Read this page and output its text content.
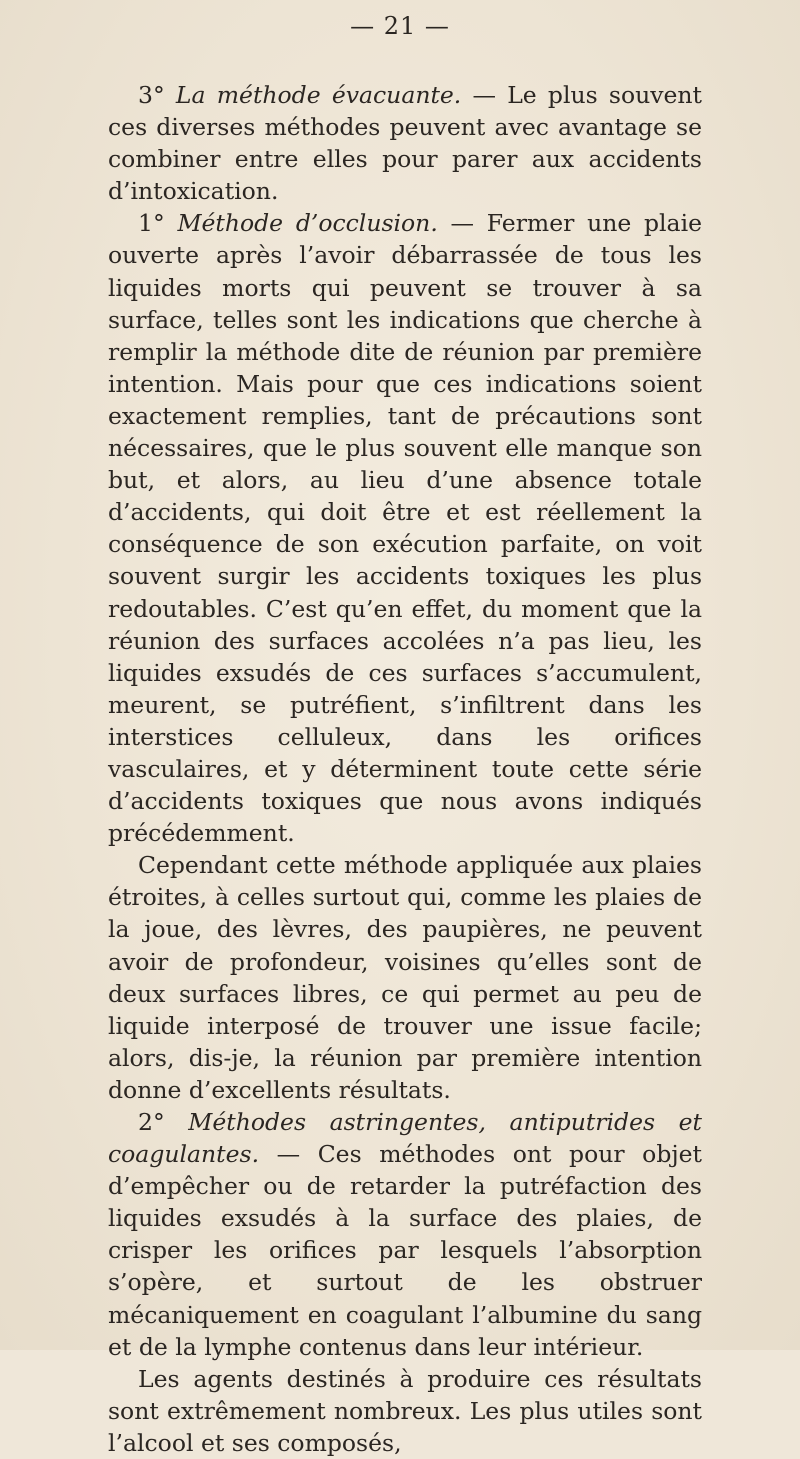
— 21 —

3° La méthode évacuante. — Le plus souvent ces diverses méthodes peuvent avec avantage se combiner entre elles pour parer aux accidents d’intoxication.

1° Méthode d’occlusion. — Fermer une plaie ouverte après l’avoir débarrassée de tous les liquides morts qui peuvent se trouver à sa surface, telles sont les indications que cherche à remplir la méthode dite de réunion par première intention. Mais pour que ces indications soient exactement remplies, tant de précautions sont nécessaires, que le plus souvent elle manque son but, et alors, au lieu d’une absence totale d’accidents, qui doit être et est réellement la conséquence de son exécution parfaite, on voit souvent surgir les accidents toxiques les plus redoutables. C’est qu’en effet, du moment que la réunion des surfaces accolées n’a pas lieu, les liquides exsudés de ces surfaces s’accumulent, meurent, se putréfient, s’infiltrent dans les interstices celluleux, dans les orifices vasculaires, et y déterminent toute cette série d’accidents toxiques que nous avons indiqués précédemment.

Cependant cette méthode appliquée aux plaies étroites, à celles surtout qui, comme les plaies de la joue, des lèvres, des paupières, ne peuvent avoir de profondeur, voisines qu’elles sont de deux surfaces libres, ce qui permet au peu de liquide interposé de trouver une issue facile; alors, dis-je, la réunion par première intention donne d’excellents résultats.

2° Méthodes astringentes, antiputrides et coagulantes. — Ces méthodes ont pour objet d’empêcher ou de retarder la putréfaction des liquides exsudés à la surface des plaies, de crisper les orifices par lesquels l’absorption s’opère, et surtout de les obstruer mécaniquement en coagulant l’albumine du sang et de la lymphe contenus dans leur intérieur.

Les agents destinés à produire ces résultats sont extrêmement nombreux. Les plus utiles sont l’alcool et ses composés,
